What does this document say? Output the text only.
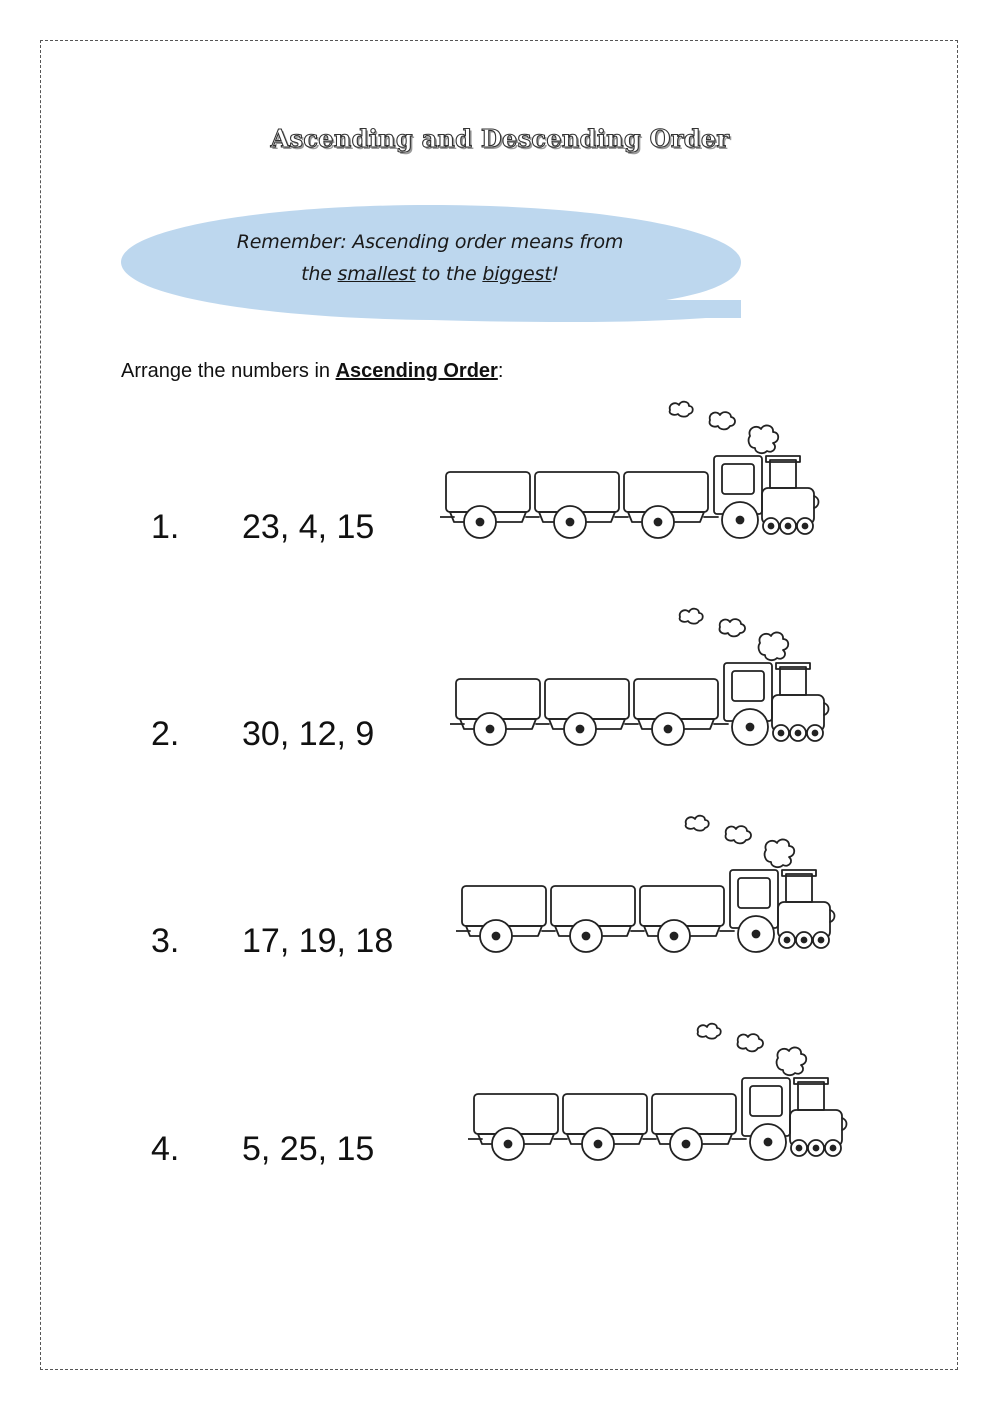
Ascending and Descending Order
Remember: Ascending order means from
the smallest to the biggest!
Arrange the numbers in Ascending Order:
1. 23, 4, 15
2. 30, 12, 9
3. 17, 19, 18
4. 5, 25, 15
